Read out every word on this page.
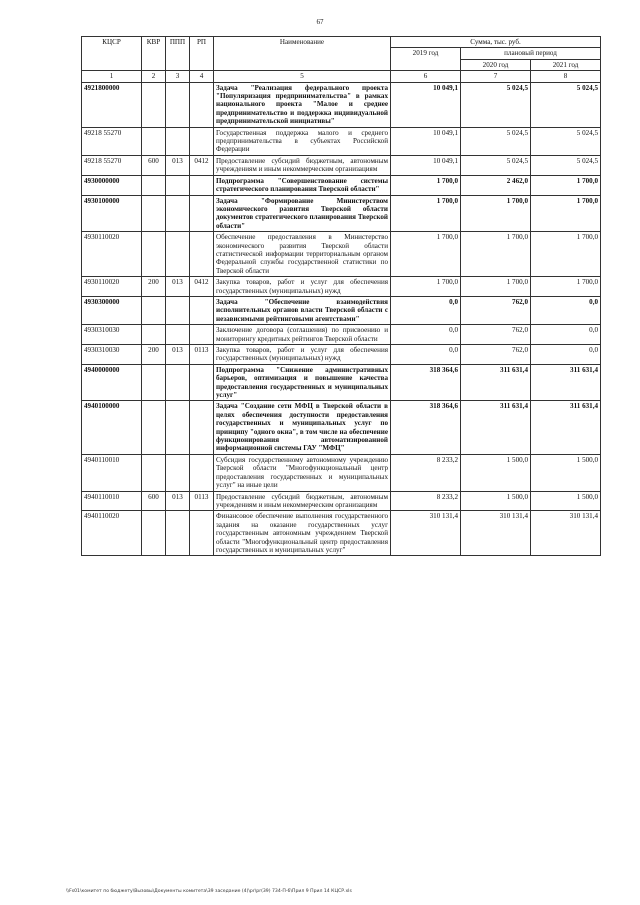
67
КЦСР	КВР	ППП	РП	Наименование	Сумма, тыс. руб.		
					2019 год	плановый период	
						2020 год	2021 год
1	2	3	4	5	6	7	8
4921800000				Задача "Реализация федерального проекта "Популяризация предпринимательства" в рамках национального проекта "Малое и среднее предпринимательство и поддержка индивидуальной предпринимательской инициативы"	10 049,1	5 024,5	5 024,5
49218 55270				Государственная поддержка малого и среднего предпринимательства в субъектах Российской Федерации	10 049,1	5 024,5	5 024,5
49218 55270	600	013	0412	Предоставление субсидий бюджетным, автономным учреждениям и иным некоммерческим организациям	10 049,1	5 024,5	5 024,5
4930000000				Подпрограмма "Совершенствование системы стратегического планирования Тверской области"	1 700,0	2 462,0	1 700,0
4930100000				Задача "Формирование Министерством экономического развития Тверской области документов стратегического планирования Тверской области"	1 700,0	1 700,0	1 700,0
4930110020				Обеспечение предоставления в Министерство экономического развития Тверской области статистической информации территориальным органом Федеральной службы государственной статистики по Тверской области	1 700,0	1 700,0	1 700,0
4930110020	200	013	0412	Закупка товаров, работ и услуг для обеспечения государственных (муниципальных) нужд	1 700,0	1 700,0	1 700,0
4930300000				Задача "Обеспечение взаимодействия исполнительных органов власти Тверской области с независимыми рейтинговыми агентствами"	0,0	762,0	0,0
4930310030				Заключение договора (соглашения) по присвоению и мониторингу кредитных рейтингов Тверской области	0,0	762,0	0,0
4930310030	200	013	0113	Закупка товаров, работ и услуг для обеспечения государственных (муниципальных) нужд	0,0	762,0	0,0
4940000000				Подпрограмма "Снижение административных барьеров, оптимизация и повышение качества предоставления государственных и муниципальных услуг"	318 364,6	311 631,4	311 631,4
4940100000				Задача "Создание сети МФЦ в Тверской области в целях обеспечения доступности предоставления государственных и муниципальных услуг по принципу "одного окна", в том числе на обеспечение функционирования автоматизированной информационной системы ГАУ "МФЦ"	318 364,6	311 631,4	311 631,4
4940110010				Субсидия государственному автономному учреждению Тверской области "Многофункциональный центр предоставления государственных и муниципальных услуг" на иные цели	8 233,2	1 500,0	1 500,0
4940110010	600	013	0113	Предоставление субсидий бюджетным, автономным учреждениям и иным некоммерческим организациям	8 233,2	1 500,0	1 500,0
4940110020				Финансовое обеспечение выполнения государственного задания на оказание государственных услуг государственным автономным учреждением Тверской области "Многофункциональный центр предоставления государственных и муниципальных услуг"	310 131,4	310 131,4	310 131,4
\\Fs01\комитет по бюджету\Вызовы\Документы комитета\39 заседание (4)\pr\pr(39) 734-П-6\Прил 9 Прил 14 КЦСР.xls
